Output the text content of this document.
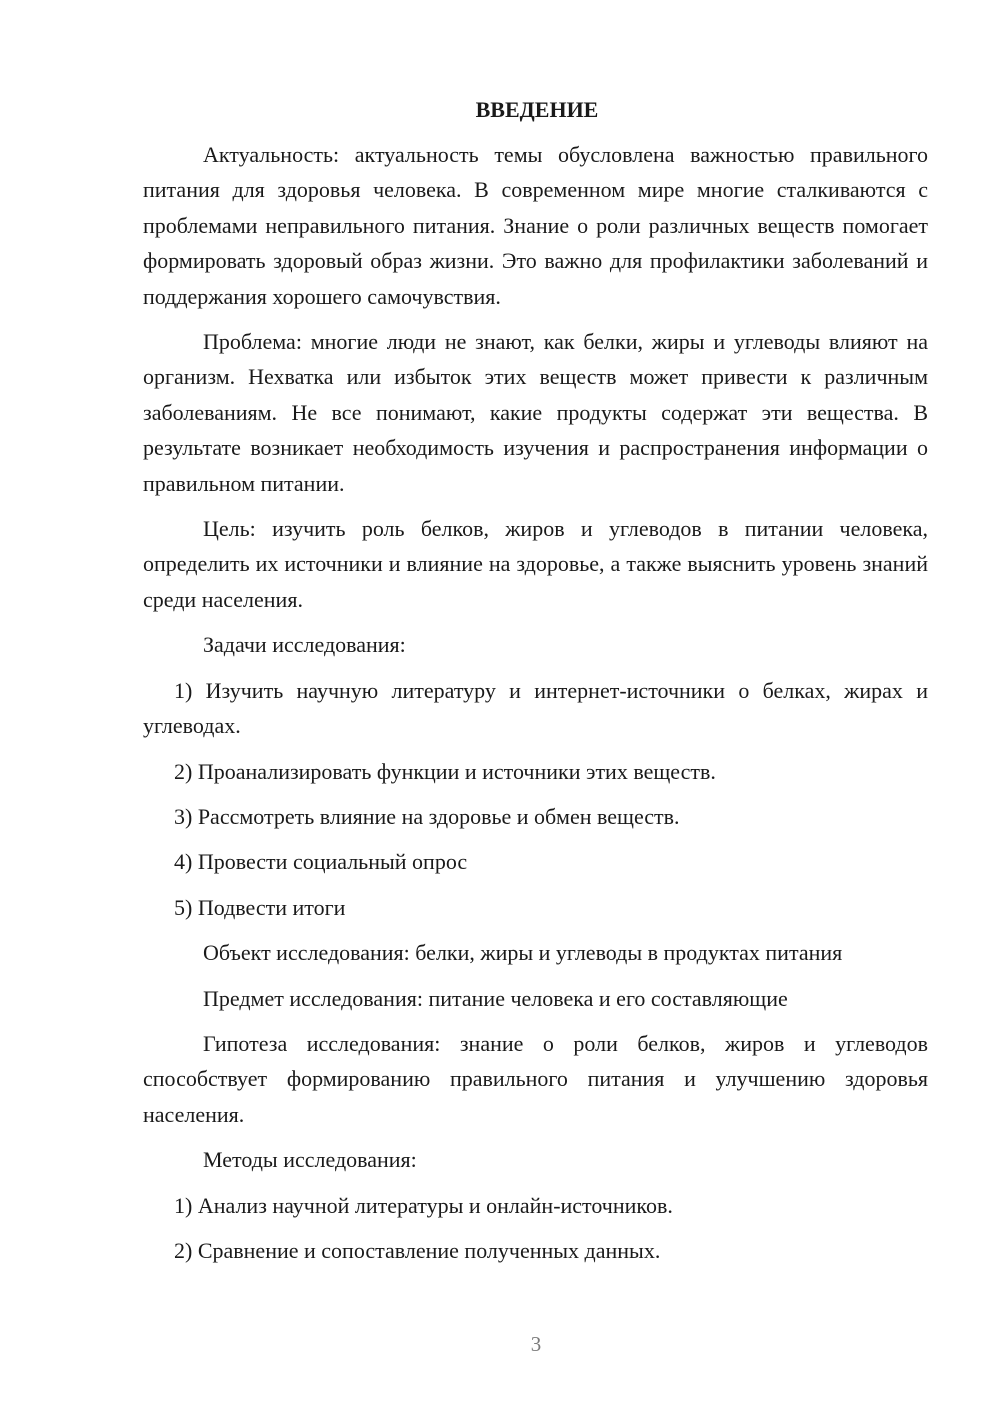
ВВЕДЕНИЕ
Актуальность: актуальность темы обусловлена важностью правильного питания для здоровья человека. В современном мире многие сталкиваются с проблемами неправильного питания. Знание о роли различных веществ помогает формировать здоровый образ жизни. Это важно для профилактики заболеваний и поддержания хорошего самочувствия.
Проблема: многие люди не знают, как белки, жиры и углеводы влияют на организм. Нехватка или избыток этих веществ может привести к различным заболеваниям. Не все понимают, какие продукты содержат эти вещества. В результате возникает необходимость изучения и распространения информации о правильном питании.
Цель: изучить роль белков, жиров и углеводов в питании человека, определить их источники и влияние на здоровье, а также выяснить уровень знаний среди населения.
Задачи исследования:
1) Изучить научную литературу и интернет-источники о белках, жирах и углеводах.
2) Проанализировать функции и источники этих веществ.
3) Рассмотреть влияние на здоровье и обмен веществ.
4) Провести социальный опрос
5) Подвести итоги
Объект исследования: белки, жиры и углеводы в продуктах питания
Предмет исследования: питание человека и его составляющие
Гипотеза исследования: знание о роли белков, жиров и углеводов способствует формированию правильного питания и улучшению здоровья населения.
Методы исследования:
1) Анализ научной литературы и онлайн-источников.
2) Сравнение и сопоставление полученных данных.
3
